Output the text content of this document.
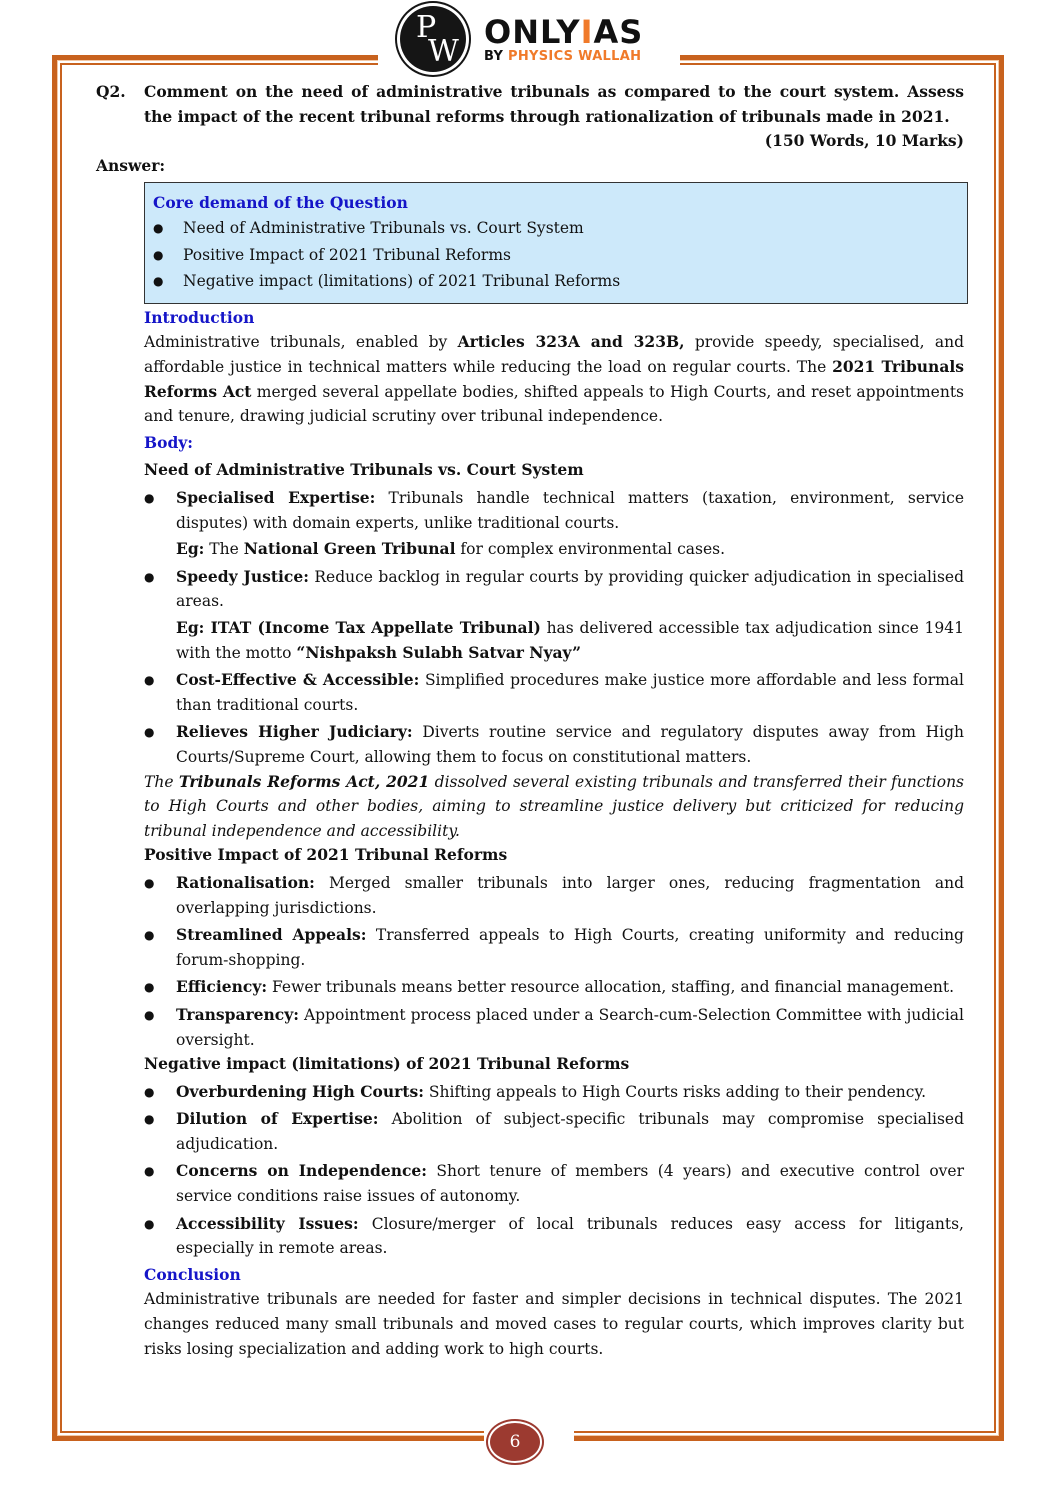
P
W
ONLYIAS
BY PHYSICS WALLAH
Q2.	Comment on the need of administrative tribunals as compared to the court system. Assess the impact of the recent tribunal reforms through rationalization of tribunals made in 2021.
(150 Words, 10 Marks)
Answer:
Core demand of the Question
●	Need of Administrative Tribunals vs. Court System
●	Positive Impact of 2021 Tribunal Reforms
●	Negative impact (limitations) of 2021 Tribunal Reforms
Introduction
Administrative tribunals, enabled by Articles 323A and 323B, provide speedy, specialised, and affordable justice in technical matters while reducing the load on regular courts. The 2021 Tribunals Reforms Act merged several appellate bodies, shifted appeals to High Courts, and reset appointments and tenure, drawing judicial scrutiny over tribunal independence.
Body:
Need of Administrative Tribunals vs. Court System
●	Specialised Expertise: Tribunals handle technical matters (taxation, environment, service disputes) with domain experts, unlike traditional courts.
Eg: The National Green Tribunal for complex environmental cases.
●	Speedy Justice: Reduce backlog in regular courts by providing quicker adjudication in specialised areas.
Eg: ITAT (Income Tax Appellate Tribunal) has delivered accessible tax adjudication since 1941 with the motto “Nishpaksh Sulabh Satvar Nyay”
●	Cost-Effective & Accessible: Simplified procedures make justice more affordable and less formal than traditional courts.
●	Relieves Higher Judiciary: Diverts routine service and regulatory disputes away from High Courts/Supreme Court, allowing them to focus on constitutional matters.
The Tribunals Reforms Act, 2021 dissolved several existing tribunals and transferred their functions to High Courts and other bodies, aiming to streamline justice delivery but criticized for reducing tribunal independence and accessibility.
Positive Impact of 2021 Tribunal Reforms
●	Rationalisation: Merged smaller tribunals into larger ones, reducing fragmentation and overlapping jurisdictions.
●	Streamlined Appeals: Transferred appeals to High Courts, creating uniformity and reducing forum-shopping.
●	Efficiency: Fewer tribunals means better resource allocation, staffing, and financial management.
●	Transparency: Appointment process placed under a Search-cum-Selection Committee with judicial oversight.
Negative impact (limitations) of 2021 Tribunal Reforms
●	Overburdening High Courts: Shifting appeals to High Courts risks adding to their pendency.
●	Dilution of Expertise: Abolition of subject-specific tribunals may compromise specialised adjudication.
●	Concerns on Independence: Short tenure of members (4 years) and executive control over service conditions raise issues of autonomy.
●	Accessibility Issues: Closure/merger of local tribunals reduces easy access for litigants, especially in remote areas.
Conclusion
Administrative tribunals are needed for faster and simpler decisions in technical disputes. The 2021 changes reduced many small tribunals and moved cases to regular courts, which improves clarity but risks losing specialization and adding work to high courts.
6
